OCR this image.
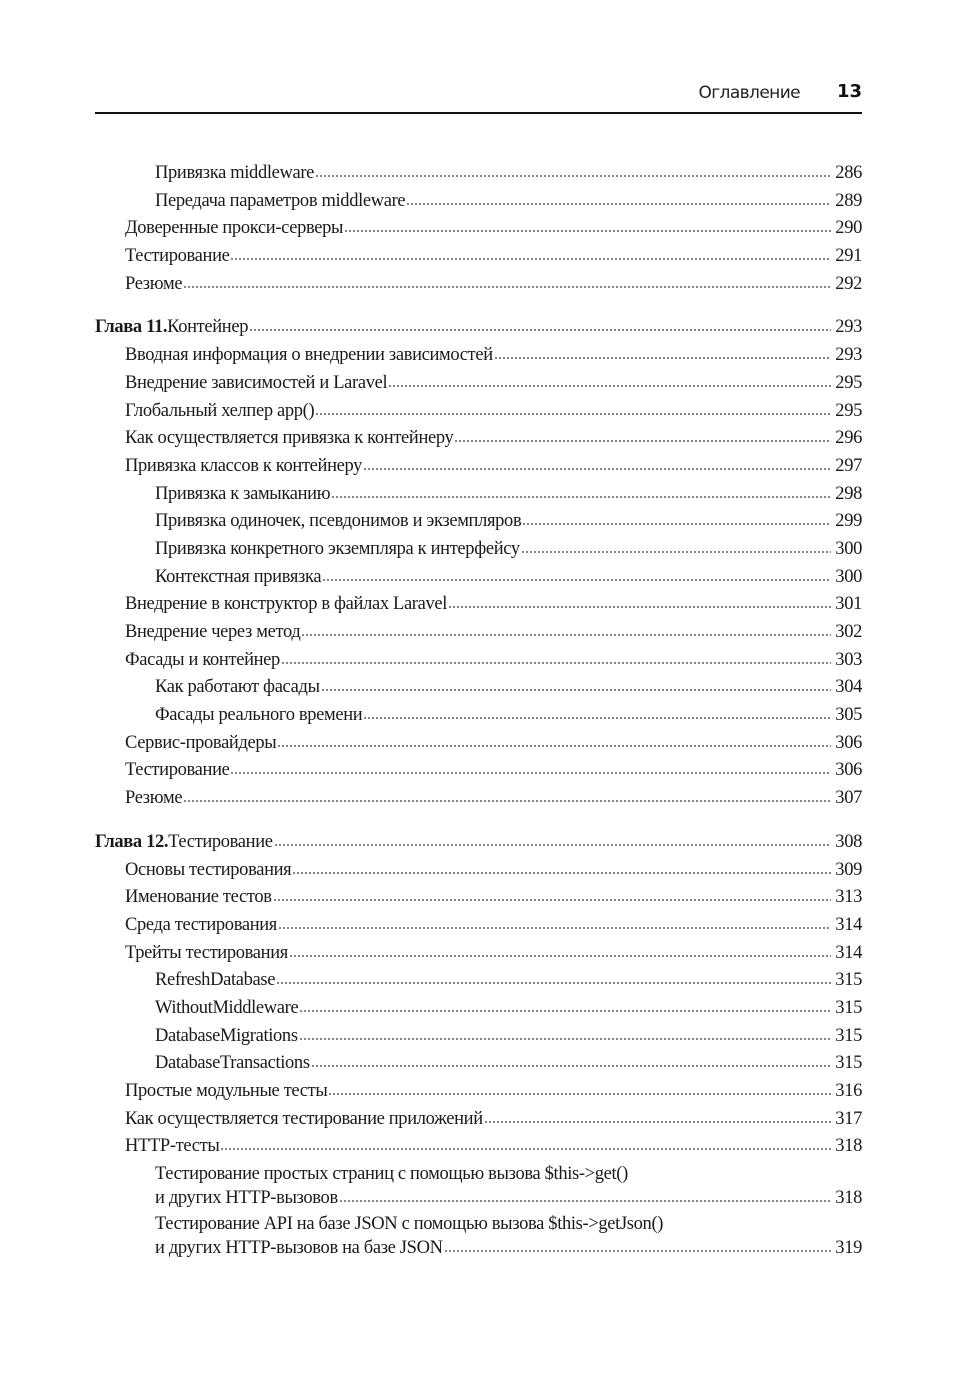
Оглавление 13
Привязка middleware	286
Передача параметров middleware	289
Доверенные прокси-серверы	290
Тестирование	291
Резюме	292
Глава 11. Контейнер	293
Вводная информация о внедрении зависимостей	293
Внедрение зависимостей и Laravel	295
Глобальный хелпер app()	295
Как осуществляется привязка к контейнеру	296
Привязка классов к контейнеру	297
Привязка к замыканию	298
Привязка одиночек, псевдонимов и экземпляров	299
Привязка конкретного экземпляра к интерфейсу	300
Контекстная привязка	300
Внедрение в конструктор в файлах Laravel	301
Внедрение через метод	302
Фасады и контейнер	303
Как работают фасады	304
Фасады реального времени	305
Сервис-провайдеры	306
Тестирование	306
Резюме	307
Глава 12. Тестирование	308
Основы тестирования	309
Именование тестов	313
Среда тестирования	314
Трейты тестирования	314
RefreshDatabase	315
WithoutMiddleware	315
DatabaseMigrations	315
DatabaseTransactions	315
Простые модульные тесты	316
Как осуществляется тестирование приложений	317
HTTP-тесты	318
Тестирование простых страниц с помощью вызова $this->get()
и других HTTP-вызовов	318
Тестирование API на базе JSON с помощью вызова $this->getJson()
и других HTTP-вызовов на базе JSON	319
